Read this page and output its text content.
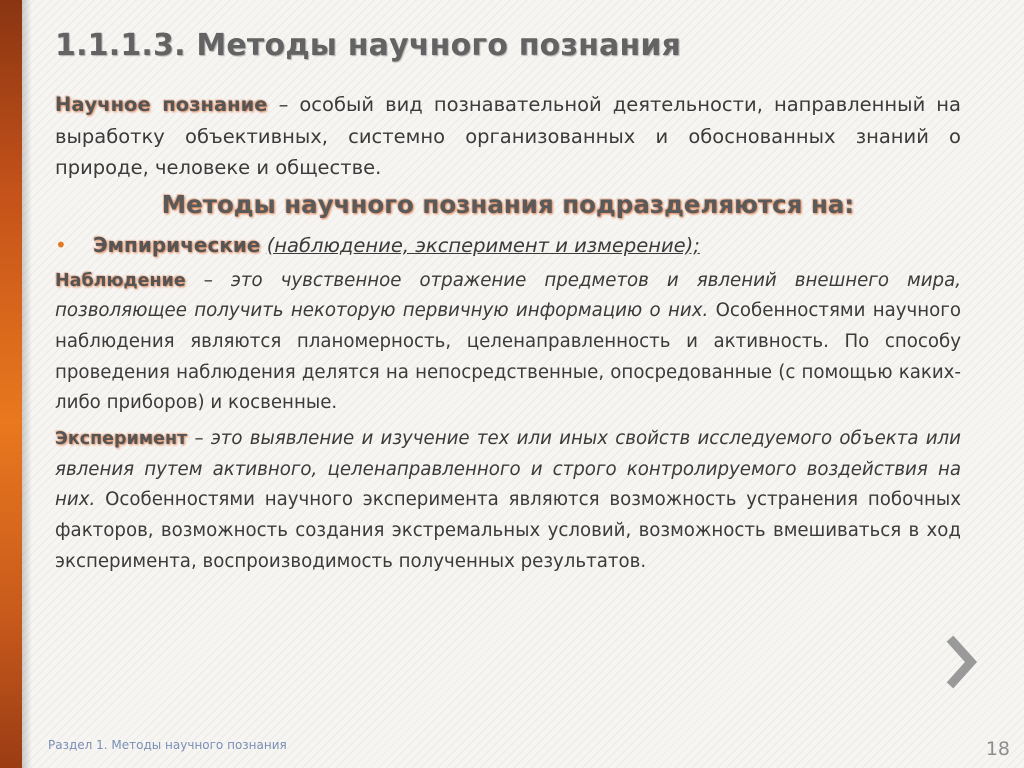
1.1.1.3. Методы научного познания

Научное познание – особый вид познавательной деятельности, направленный на выработку объективных, системно организованных и обоснованных знаний о природе, человеке и обществе.

Методы научного познания подразделяются на:
•	Эмпирические (наблюдение, эксперимент и измерение);

Наблюдение – это чувственное отражение предметов и явлений внешнего мира, позволяющее получить некоторую первичную информацию о них. Особенностями научного наблюдения являются планомерность, целенаправленность и активность. По способу проведения наблюдения делятся на непосредственные, опосредованные (с помощью каких-либо приборов) и косвенные.

Эксперимент – это выявление и изучение тех или иных свойств исследуемого объекта или явления путем активного, целенаправленного и строго контролируемого воздействия на них. Особенностями научного эксперимента являются возможность устранения побочных факторов, возможность создания экстремальных условий, возможность вмешиваться в ход эксперимента, воспроизводимость полученных результатов.

Раздел 1. Методы научного познания	18
